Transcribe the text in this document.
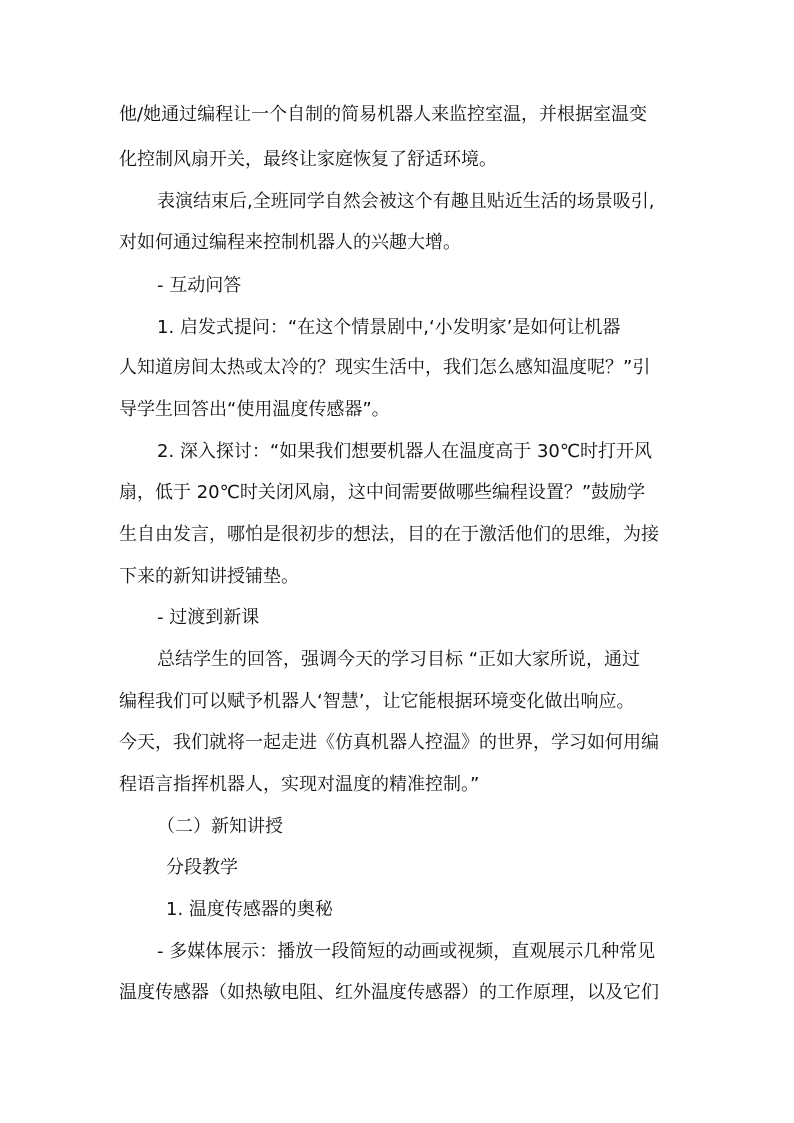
他/她通过编程让一个自制的简易机器人来监控室温，并根据室温变
化控制风扇开关，最终让家庭恢复了舒适环境。
表演结束后,全班同学自然会被这个有趣且贴近生活的场景吸引,
对如何通过编程来控制机器人的兴趣大增。
- 互动问答
1. 启发式提问：“在这个情景剧中,‘小发明家’是如何让机器
人知道房间太热或太冷的？现实生活中，我们怎么感知温度呢？”引
导学生回答出“使用温度传感器”。
2. 深入探讨：“如果我们想要机器人在温度高于 30℃时打开风
扇，低于 20℃时关闭风扇，这中间需要做哪些编程设置？”鼓励学
生自由发言，哪怕是很初步的想法，目的在于激活他们的思维，为接
下来的新知讲授铺垫。
- 过渡到新课
总结学生的回答，强调今天的学习目标 “正如大家所说，通过
编程我们可以赋予机器人‘智慧’，让它能根据环境变化做出响应。
今天，我们就将一起走进《仿真机器人控温》的世界，学习如何用编
程语言指挥机器人，实现对温度的精准控制。”
（二）新知讲授
分段教学
1. 温度传感器的奥秘
- 多媒体展示：播放一段简短的动画或视频，直观展示几种常见
温度传感器（如热敏电阻、红外温度传感器）的工作原理，以及它们
